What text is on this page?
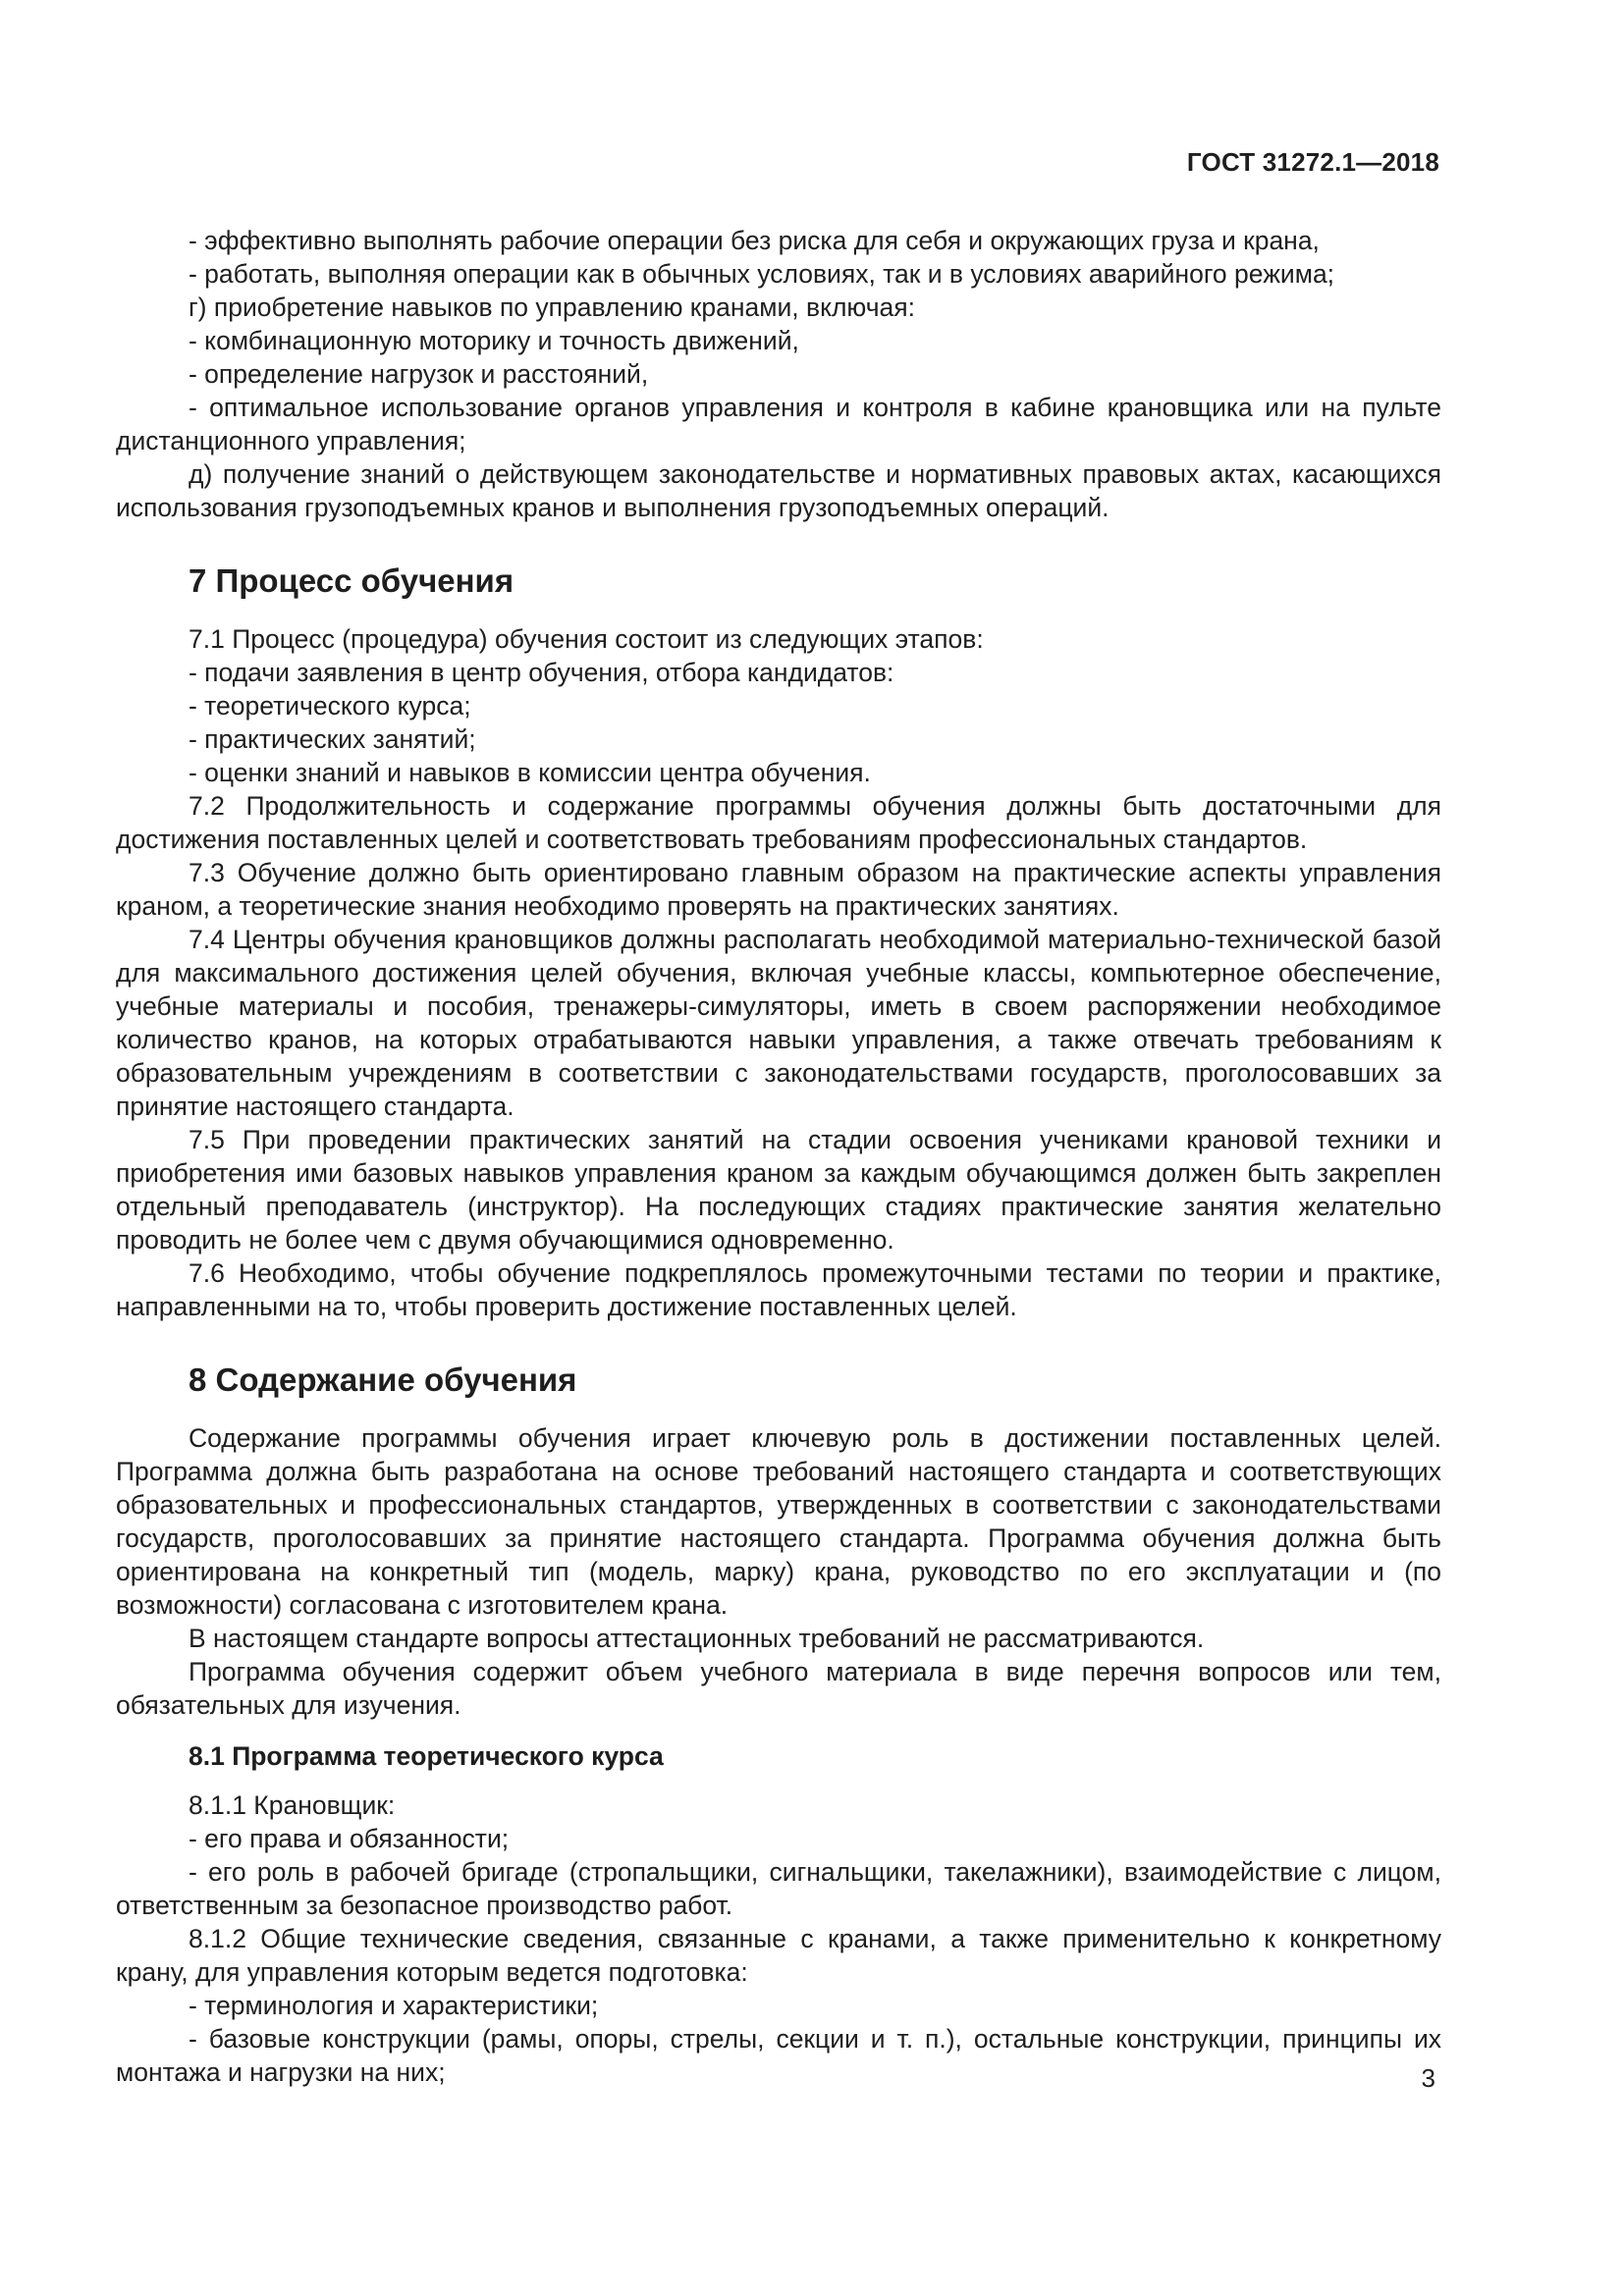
ГОСТ 31272.1—2018

- эффективно выполнять рабочие операции без риска для себя и окружающих груза и крана,

- работать, выполняя операции как в обычных условиях, так и в условиях аварийного режима;

г) приобретение навыков по управлению кранами, включая:

- комбинационную моторику и точность движений,

- определение нагрузок и расстояний,

- оптимальное использование органов управления и контроля в кабине крановщика или на пульте дистанционного управления;

д) получение знаний о действующем законодательстве и нормативных правовых актах, касающихся использования грузоподъемных кранов и выполнения грузоподъемных операций.

7 Процесс обучения

7.1 Процесс (процедура) обучения состоит из следующих этапов:

- подачи заявления в центр обучения, отбора кандидатов:

- теоретического курса;

- практических занятий;

- оценки знаний и навыков в комиссии центра обучения.

7.2 Продолжительность и содержание программы обучения должны быть достаточными для достижения поставленных целей и соответствовать требованиям профессиональных стандартов.

7.3 Обучение должно быть ориентировано главным образом на практические аспекты управления краном, а теоретические знания необходимо проверять на практических занятиях.

7.4 Центры обучения крановщиков должны располагать необходимой материально-технической базой для максимального достижения целей обучения, включая учебные классы, компьютерное обеспечение, учебные материалы и пособия, тренажеры-симуляторы, иметь в своем распоряжении необходимое количество кранов, на которых отрабатываются навыки управления, а также отвечать требованиям к образовательным учреждениям в соответствии с законодательствами государств, проголосовавших за принятие настоящего стандарта.

7.5 При проведении практических занятий на стадии освоения учениками крановой техники и приобретения ими базовых навыков управления краном за каждым обучающимся должен быть закреплен отдельный преподаватель (инструктор). На последующих стадиях практические занятия желательно проводить не более чем с двумя обучающимися одновременно.

7.6 Необходимо, чтобы обучение подкреплялось промежуточными тестами по теории и практике, направленными на то, чтобы проверить достижение поставленных целей.

8 Содержание обучения

Содержание программы обучения играет ключевую роль в достижении поставленных целей. Программа должна быть разработана на основе требований настоящего стандарта и соответствующих образовательных и профессиональных стандартов, утвержденных в соответствии с законодательствами государств, проголосовавших за принятие настоящего стандарта. Программа обучения должна быть ориентирована на конкретный тип (модель, марку) крана, руководство по его эксплуатации и (по возможности) согласована с изготовителем крана.

В настоящем стандарте вопросы аттестационных требований не рассматриваются.

Программа обучения содержит объем учебного материала в виде перечня вопросов или тем, обязательных для изучения.

8.1 Программа теоретического курса

8.1.1 Крановщик:

- его права и обязанности;

- его роль в рабочей бригаде (стропальщики, сигнальщики, такелажники), взаимодействие с лицом, ответственным за безопасное производство работ.

8.1.2 Общие технические сведения, связанные с кранами, а также применительно к конкретному крану, для управления которым ведется подготовка:

- терминология и характеристики;

- базовые конструкции (рамы, опоры, стрелы, секции и т. п.), остальные конструкции, принципы их монтажа и нагрузки на них;	3
